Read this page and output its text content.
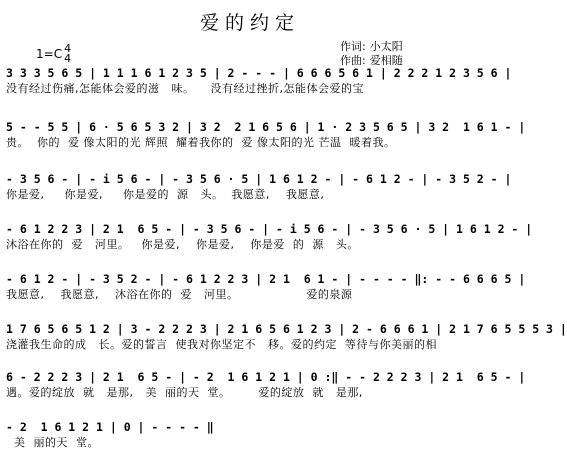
爱的约定
1=C 4
4
作词: 小太阳
作曲: 爱相随
3 3 3 5 6 5 | 1 1 1 6 1 2 3 5 | 2 - - - | 6 6 6 5 6 1 | 2 2 2 1 2 3 5 6 |
没有经过伤痛,怎能体会爱的滋   味。    没有经过挫折,怎能体会爱的宝
5 - - 5 5 | 6 · 5 6 5 3 2 | 3 2  2 1 6 5 6 | 1 · 2 3 5 6 5 | 3 2  1 6 1 - |
贵。  你的  爱 像太阳的光 辉照  耀着我你的  爱 像太阳的光 芒温  暖着我。
- 3 5 6 - | - i 5 6 - | - 3 5 6 · 5 | 1 6 1 2 - | - 6 1 2 - | - 3 5 2 - |
你是爱,     你是爱,     你是爱的  源   头。  我愿意,    我愿意,
- 6 1 2 2 3 | 2 1  6 5 - | - 3 5 6 - | - i 5 6 - | - 3 5 6 · 5 | 1 6 1 2 - |
沐浴在你的  爱   河里。   你是爱,    你是爱,    你是爱  的  源   头。
- 6 1 2 - | - 3 5 2 - | - 6 1 2 2 3 | 2 1  6 1 - | - - - - ‖: - - 6 6 6 5 |
我愿意,    我愿意,    沐浴在你的  爱   河里。                 爱的泉源
1 7 6 5 6 5 1 2 | 3 - 2 2 2 3 | 2 1 6 5 6 1 2 3 | 2 - 6 6 6 1 | 2 1 7 6 5 5 5 3 |
浇灌我生命的成   长。爱的誓言  使我对你坚定不   移。爱的约定  等待与你美丽的相
6 - 2 2 2 3 | 2 1  6 5 - | - 2  1 6 1 2 1 | 0 :‖ - - 2 2 2 3 | 2 1  6 5 - |
遇。爱的绽放  就   是那,   美  丽的天  堂。       爱的绽放  就   是那,
- 2  1 6 1 2 1 | 0 | - - - - ‖
美  丽的天  堂。
